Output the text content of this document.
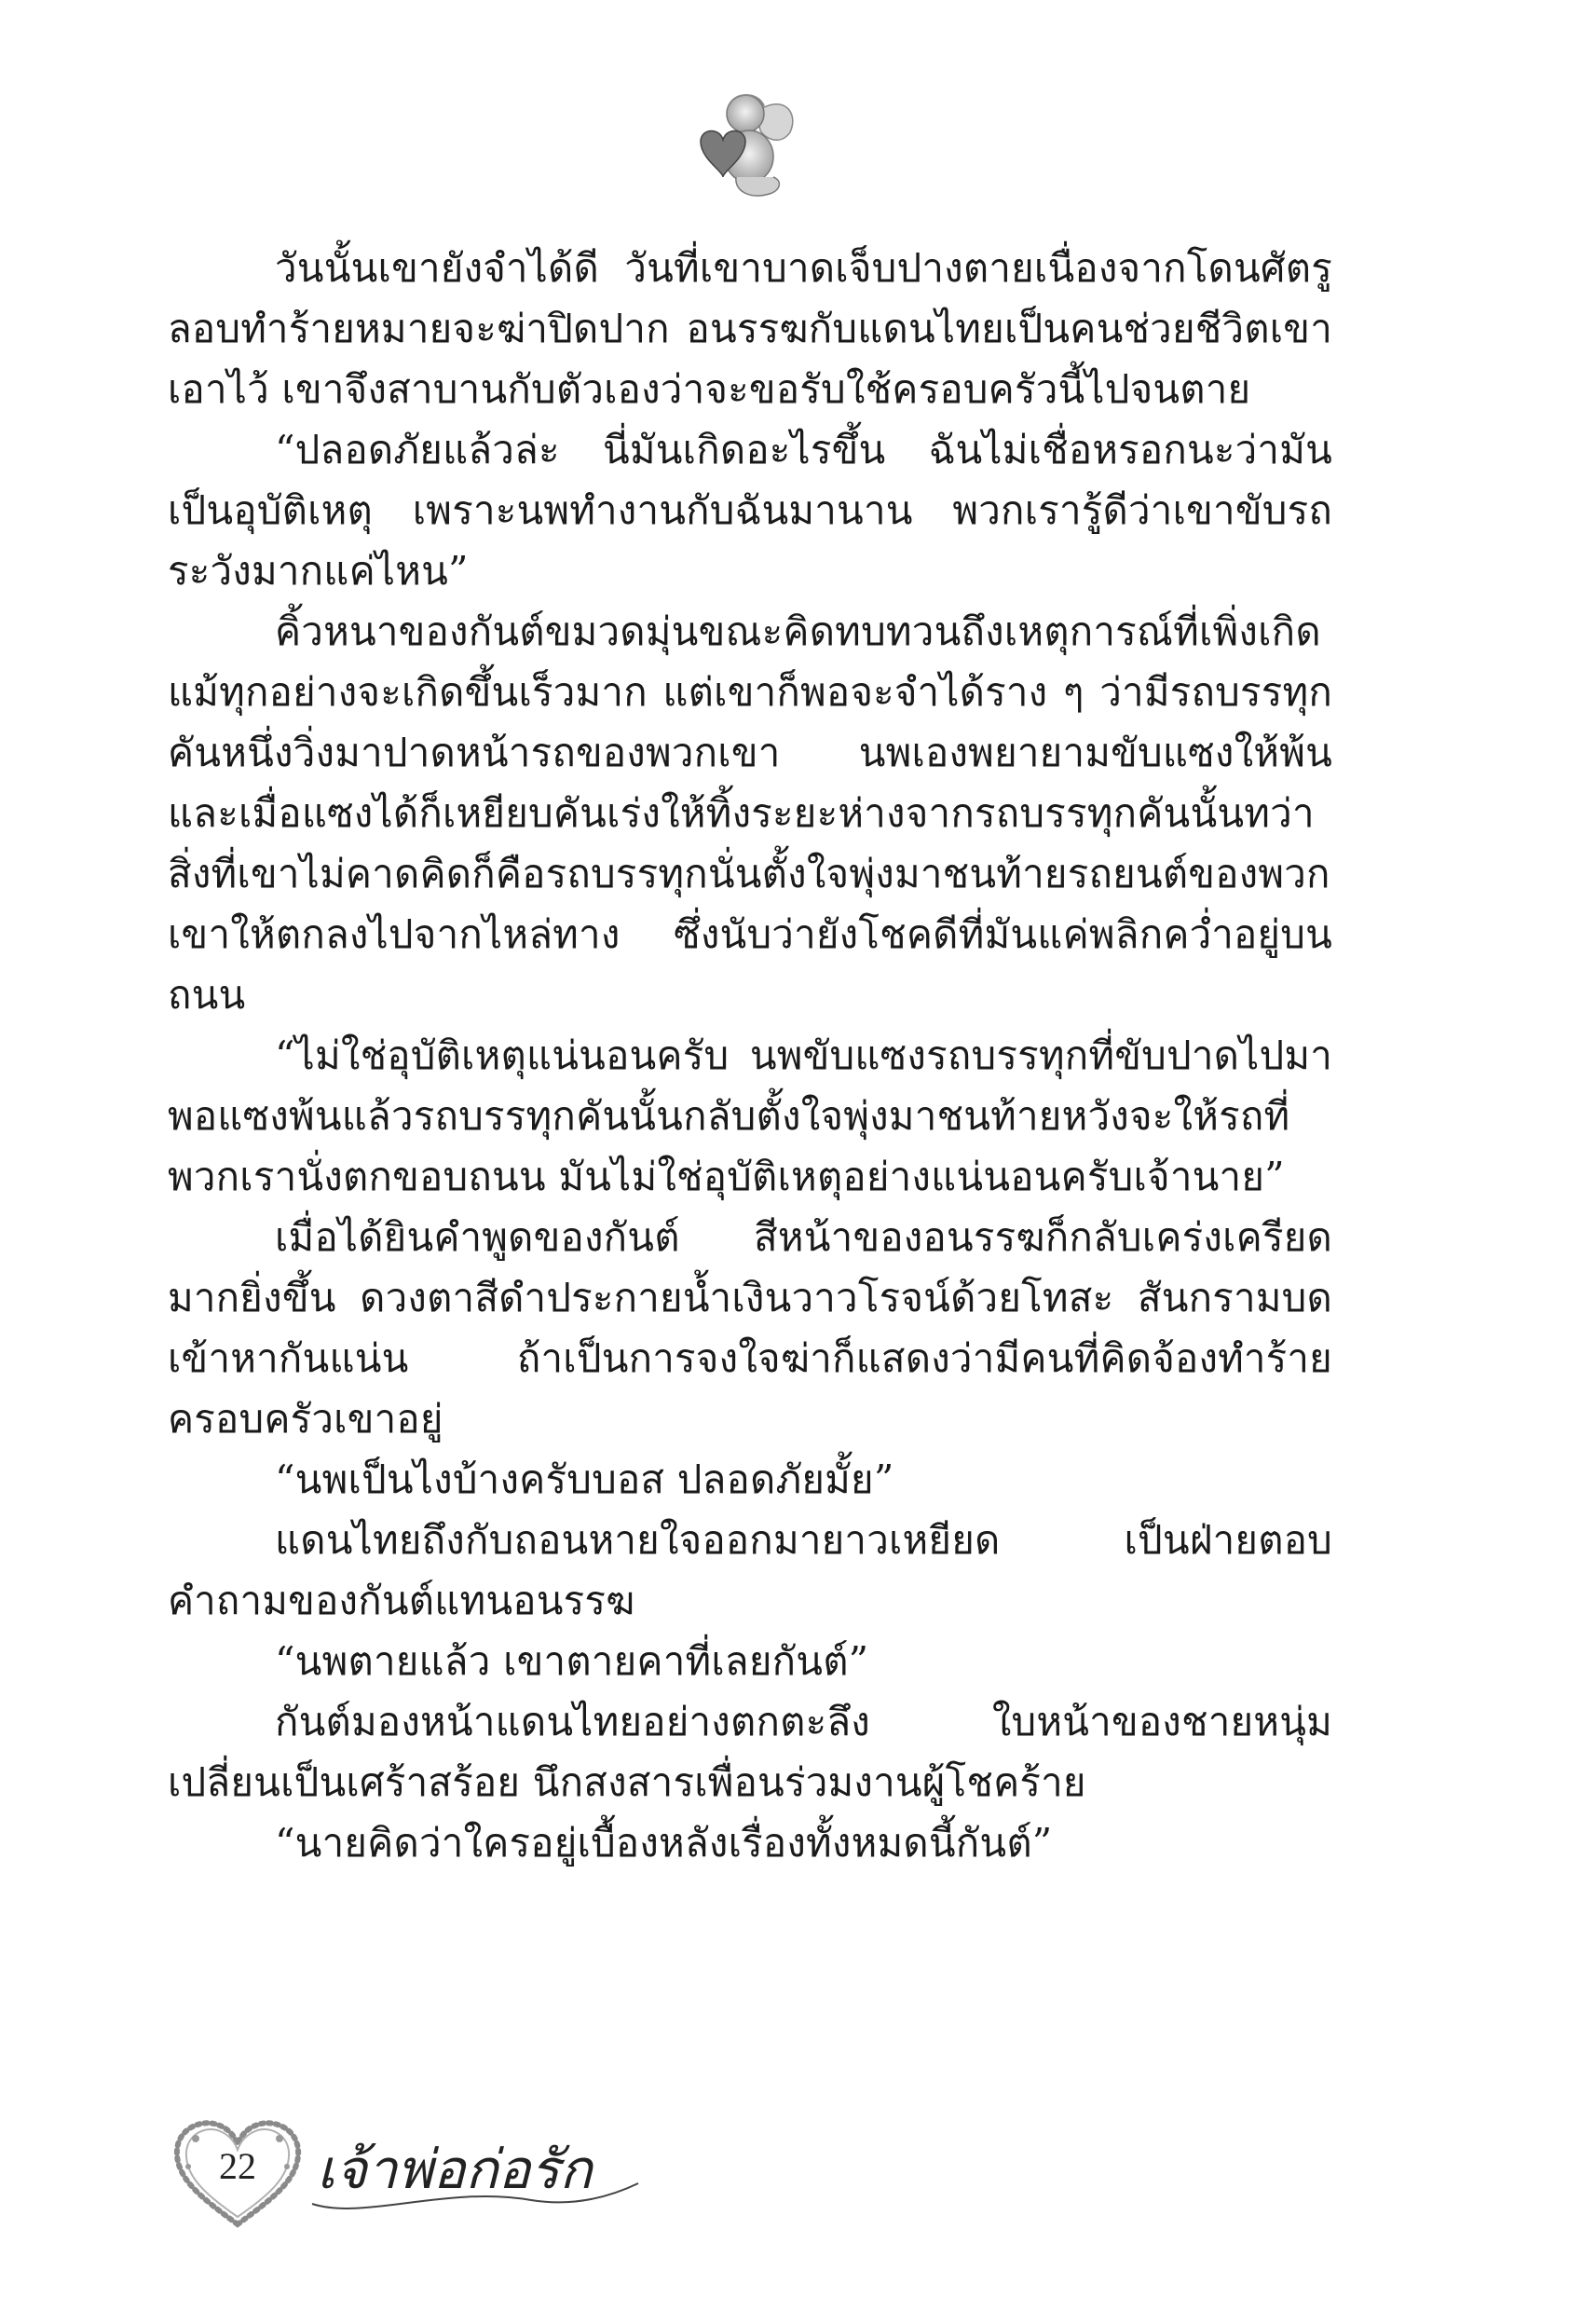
วันนั้นเขายังจำได้ดี วันที่เขาบาดเจ็บปางตายเนื่องจากโดนศัตรูลอบทำร้ายหมายจะฆ่าปิดปาก อนรรฆกับแดนไทยเป็นคนช่วยชีวิตเขาเอาไว้ เขาจึงสาบานกับตัวเองว่าจะขอรับใช้ครอบครัวนี้ไปจนตาย

“ปลอดภัยแล้วล่ะ นี่มันเกิดอะไรขึ้น ฉันไม่เชื่อหรอกนะว่ามันเป็นอุบัติเหตุ เพราะนพทำงานกับฉันมานาน พวกเรารู้ดีว่าเขาขับรถระวังมากแค่ไหน”

คิ้วหนาของกันต์ขมวดมุ่นขณะคิดทบทวนถึงเหตุการณ์ที่เพิ่งเกิดแม้ทุกอย่างจะเกิดขึ้นเร็วมาก แต่เขาก็พอจะจำได้ราง ๆ ว่ามีรถบรรทุกคันหนึ่งวิ่งมาปาดหน้ารถของพวกเขา นพเองพยายามขับแซงให้พ้นและเมื่อแซงได้ก็เหยียบคันเร่งให้ทิ้งระยะห่างจากรถบรรทุกคันนั้นทว่าสิ่งที่เขาไม่คาดคิดก็คือรถบรรทุกนั่นตั้งใจพุ่งมาชนท้ายรถยนต์ของพวกเขาให้ตกลงไปจากไหล่ทาง ซึ่งนับว่ายังโชคดีที่มันแค่พลิกคว่ำอยู่บนถนน

“ไม่ใช่อุบัติเหตุแน่นอนครับ นพขับแซงรถบรรทุกที่ขับปาดไปมา พอแซงพ้นแล้วรถบรรทุกคันนั้นกลับตั้งใจพุ่งมาชนท้ายหวังจะให้รถที่พวกเรานั่งตกขอบถนน มันไม่ใช่อุบัติเหตุอย่างแน่นอนครับเจ้านาย”

เมื่อได้ยินคำพูดของกันต์ สีหน้าของอนรรฆก็กลับเคร่งเครียดมากยิ่งขึ้น ดวงตาสีดำประกายน้ำเงินวาวโรจน์ด้วยโทสะ สันกรามบดเข้าหากันแน่น ถ้าเป็นการจงใจฆ่าก็แสดงว่ามีคนที่คิดจ้องทำร้ายครอบครัวเขาอยู่

“นพเป็นไงบ้างครับบอส ปลอดภัยมั้ย”

แดนไทยถึงกับถอนหายใจออกมายาวเหยียด เป็นฝ่ายตอบคำถามของกันต์แทนอนรรฆ

“นพตายแล้ว เขาตายคาที่เลยกันต์”

กันต์มองหน้าแดนไทยอย่างตกตะลึง ใบหน้าของชายหนุ่มเปลี่ยนเป็นเศร้าสร้อย นึกสงสารเพื่อนร่วมงานผู้โชคร้าย

“นายคิดว่าใครอยู่เบื้องหลังเรื่องทั้งหมดนี้กันต์”

22	เจ้าพ่อก่อรัก
